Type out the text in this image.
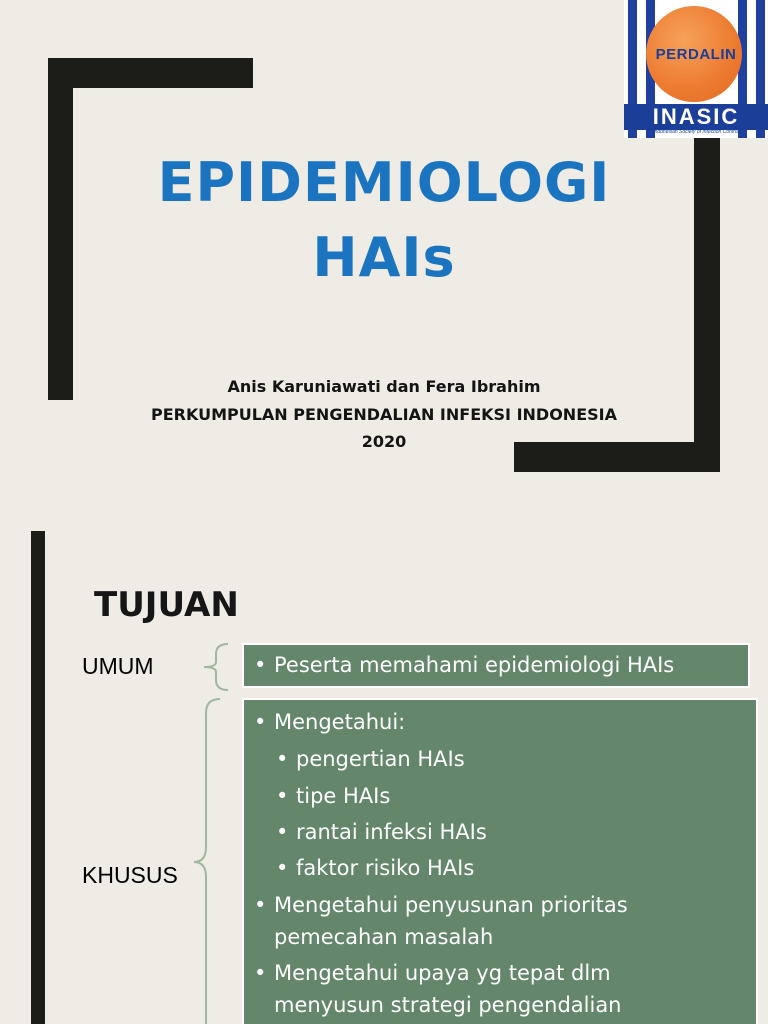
EPIDEMIOLOGI
HAIs
Anis Karuniawati dan Fera Ibrahim
PERKUMPULAN PENGENDALIAN INFEKSI INDONESIA
2020
PERDALIN
INASIC
(Indonesian Society of Infection Control)
TUJUAN
UMUM	• Peserta memahami epidemiologi HAIs
KHUSUS
• Mengetahui:
• pengertian HAIs
• tipe HAIs
• rantai infeksi HAIs
• faktor risiko HAIs
• Mengetahui penyusunan prioritas
pemecahan masalah
• Mengetahui upaya yg tepat dlm
menyusun strategi pengendalian
